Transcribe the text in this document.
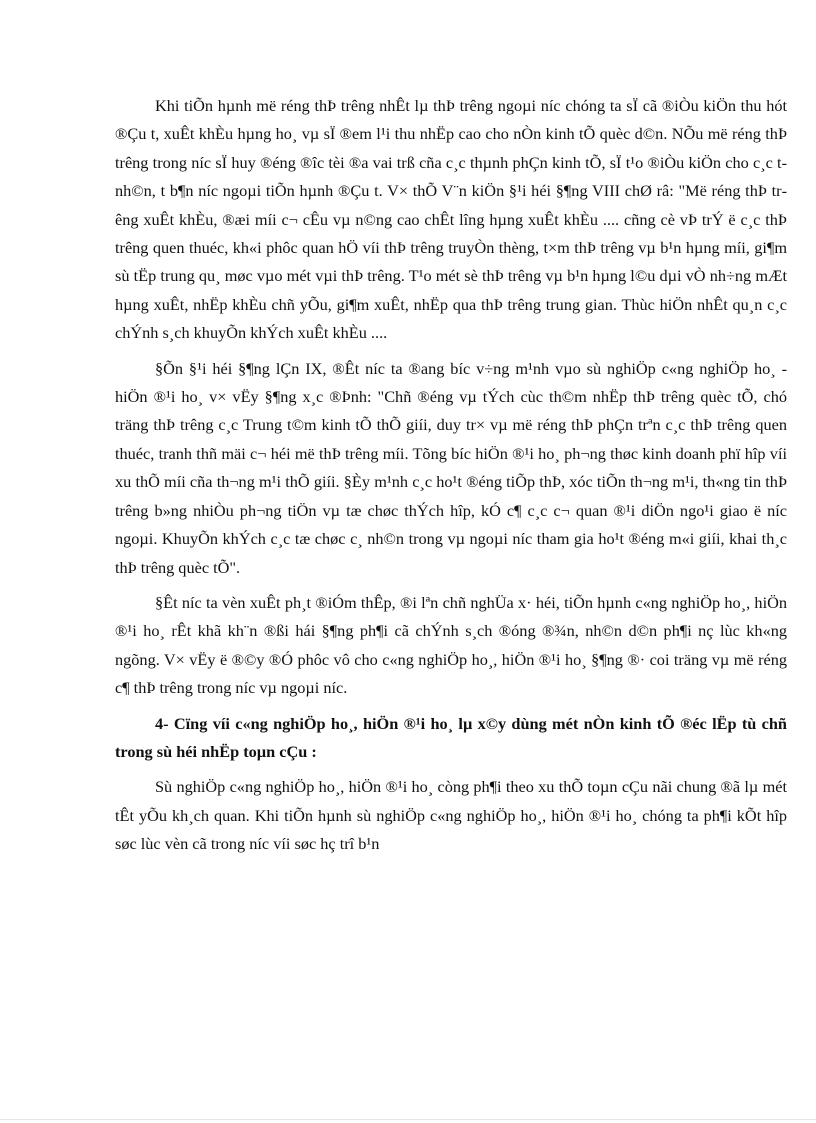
Khi tiÕn hµnh më réng thÞ trêng nhÊt lµ thÞ trêng ngoµi níc chóng ta sÏ cã ®iÒu kiÖn thu hót ®Çu t, xuÊt khÈu hµng ho¸ vµ sÏ ®em l¹i thu nhËp cao cho nÒn kinh tÕ quèc d©n. NÕu më réng thÞ trêng trong níc sÏ huy ®éng ®îc tèi ®a vai trß cña c¸c thµnh phÇn kinh tÕ, sÏ t¹o ®iÒu kiÖn cho c¸c t nh©n, t b¶n níc ngoµi tiÕn hµnh ®Çu t. V× thÕ V¨n kiÖn §¹i héi §¶ng VIII chØ râ: "Më réng thÞ trêng xuÊt khÈu, ®æi míi c¬ cÊu vµ n©ng cao chÊt lîng hµng xuÊt khÈu .... cñng cè vÞ trÝ ë c¸c thÞ trêng quen thuéc, kh«i phôc quan hÖ víi thÞ trêng truyÒn thèng, t×m thÞ trêng vµ b¹n hµng míi, gi¶m sù tËp trung qu¸ møc vµo mét vµi thÞ trêng. T¹o mét sè thÞ trêng vµ b¹n hµng l©u dµi vÒ nh÷ng mÆt hµng xuÊt, nhËp khÈu chñ yÕu, gi¶m xuÊt, nhËp qua thÞ trêng trung gian. Thùc hiÖn nhÊt qu¸n c¸c chÝnh s¸ch khuyÕn khÝch xuÊt khÈu ....

§Õn §¹i héi §¶ng lÇn IX, ®Êt níc ta ®ang bíc v÷ng m¹nh vµo sù nghiÖp c«ng nghiÖp ho¸ - hiÖn ®¹i ho¸ v× vËy §¶ng x¸c ®Þnh: "Chñ ®éng vµ tÝch cùc th©m nhËp thÞ trêng quèc tÕ, chó träng thÞ trêng c¸c Trung t©m kinh tÕ thÕ giíi, duy tr× vµ më réng thÞ phÇn trªn c¸c thÞ trêng quen thuéc, tranh thñ mäi c¬ héi më thÞ trêng míi. Tõng bíc hiÖn ®¹i ho¸ ph¬ng thøc kinh doanh phï hîp víi xu thÕ míi cña th¬ng m¹i thÕ giíi. §Èy m¹nh c¸c ho¹t ®éng tiÕp thÞ, xóc tiÕn th¬ng m¹i, th«ng tin thÞ trêng b»ng nhiÒu ph¬ng tiÖn vµ tæ chøc thÝch hîp, kÓ c¶ c¸c c¬ quan ®¹i diÖn ngo¹i giao ë níc ngoµi. KhuyÕn khÝch c¸c tæ chøc c¸ nh©n trong vµ ngoµi níc tham gia ho¹t ®éng m«i giíi, khai th¸c thÞ trêng quèc tÕ".

§Êt níc ta vèn xuÊt ph¸t ®iÓm thÊp, ®i lªn chñ nghÜa x· héi, tiÕn hµnh c«ng nghiÖp ho¸, hiÖn ®¹i ho¸ rÊt khã kh¨n ®ßi hái §¶ng ph¶i cã chÝnh s¸ch ®óng ®¾n, nh©n d©n ph¶i nç lùc kh«ng ngõng. V× vËy ë ®©y ®Ó phôc vô cho c«ng nghiÖp ho¸, hiÖn ®¹i ho¸ §¶ng ®· coi träng vµ më réng c¶ thÞ trêng trong níc vµ ngoµi níc.

4- Cïng víi c«ng nghiÖp ho¸, hiÖn ®¹i ho¸ lµ x©y dùng mét nÒn kinh tÕ ®éc lËp tù chñ trong sù héi nhËp toµn cÇu :

Sù nghiÖp c«ng nghiÖp ho¸, hiÖn ®¹i ho¸ còng ph¶i theo xu thÕ toµn cÇu nãi chung ®ã lµ mét tÊt yÕu kh¸ch quan. Khi tiÕn hµnh sù nghiÖp c«ng nghiÖp ho¸, hiÖn ®¹i ho¸ chóng ta ph¶i kÕt hîp søc lùc vèn cã trong níc víi søc hç trî b¹n
